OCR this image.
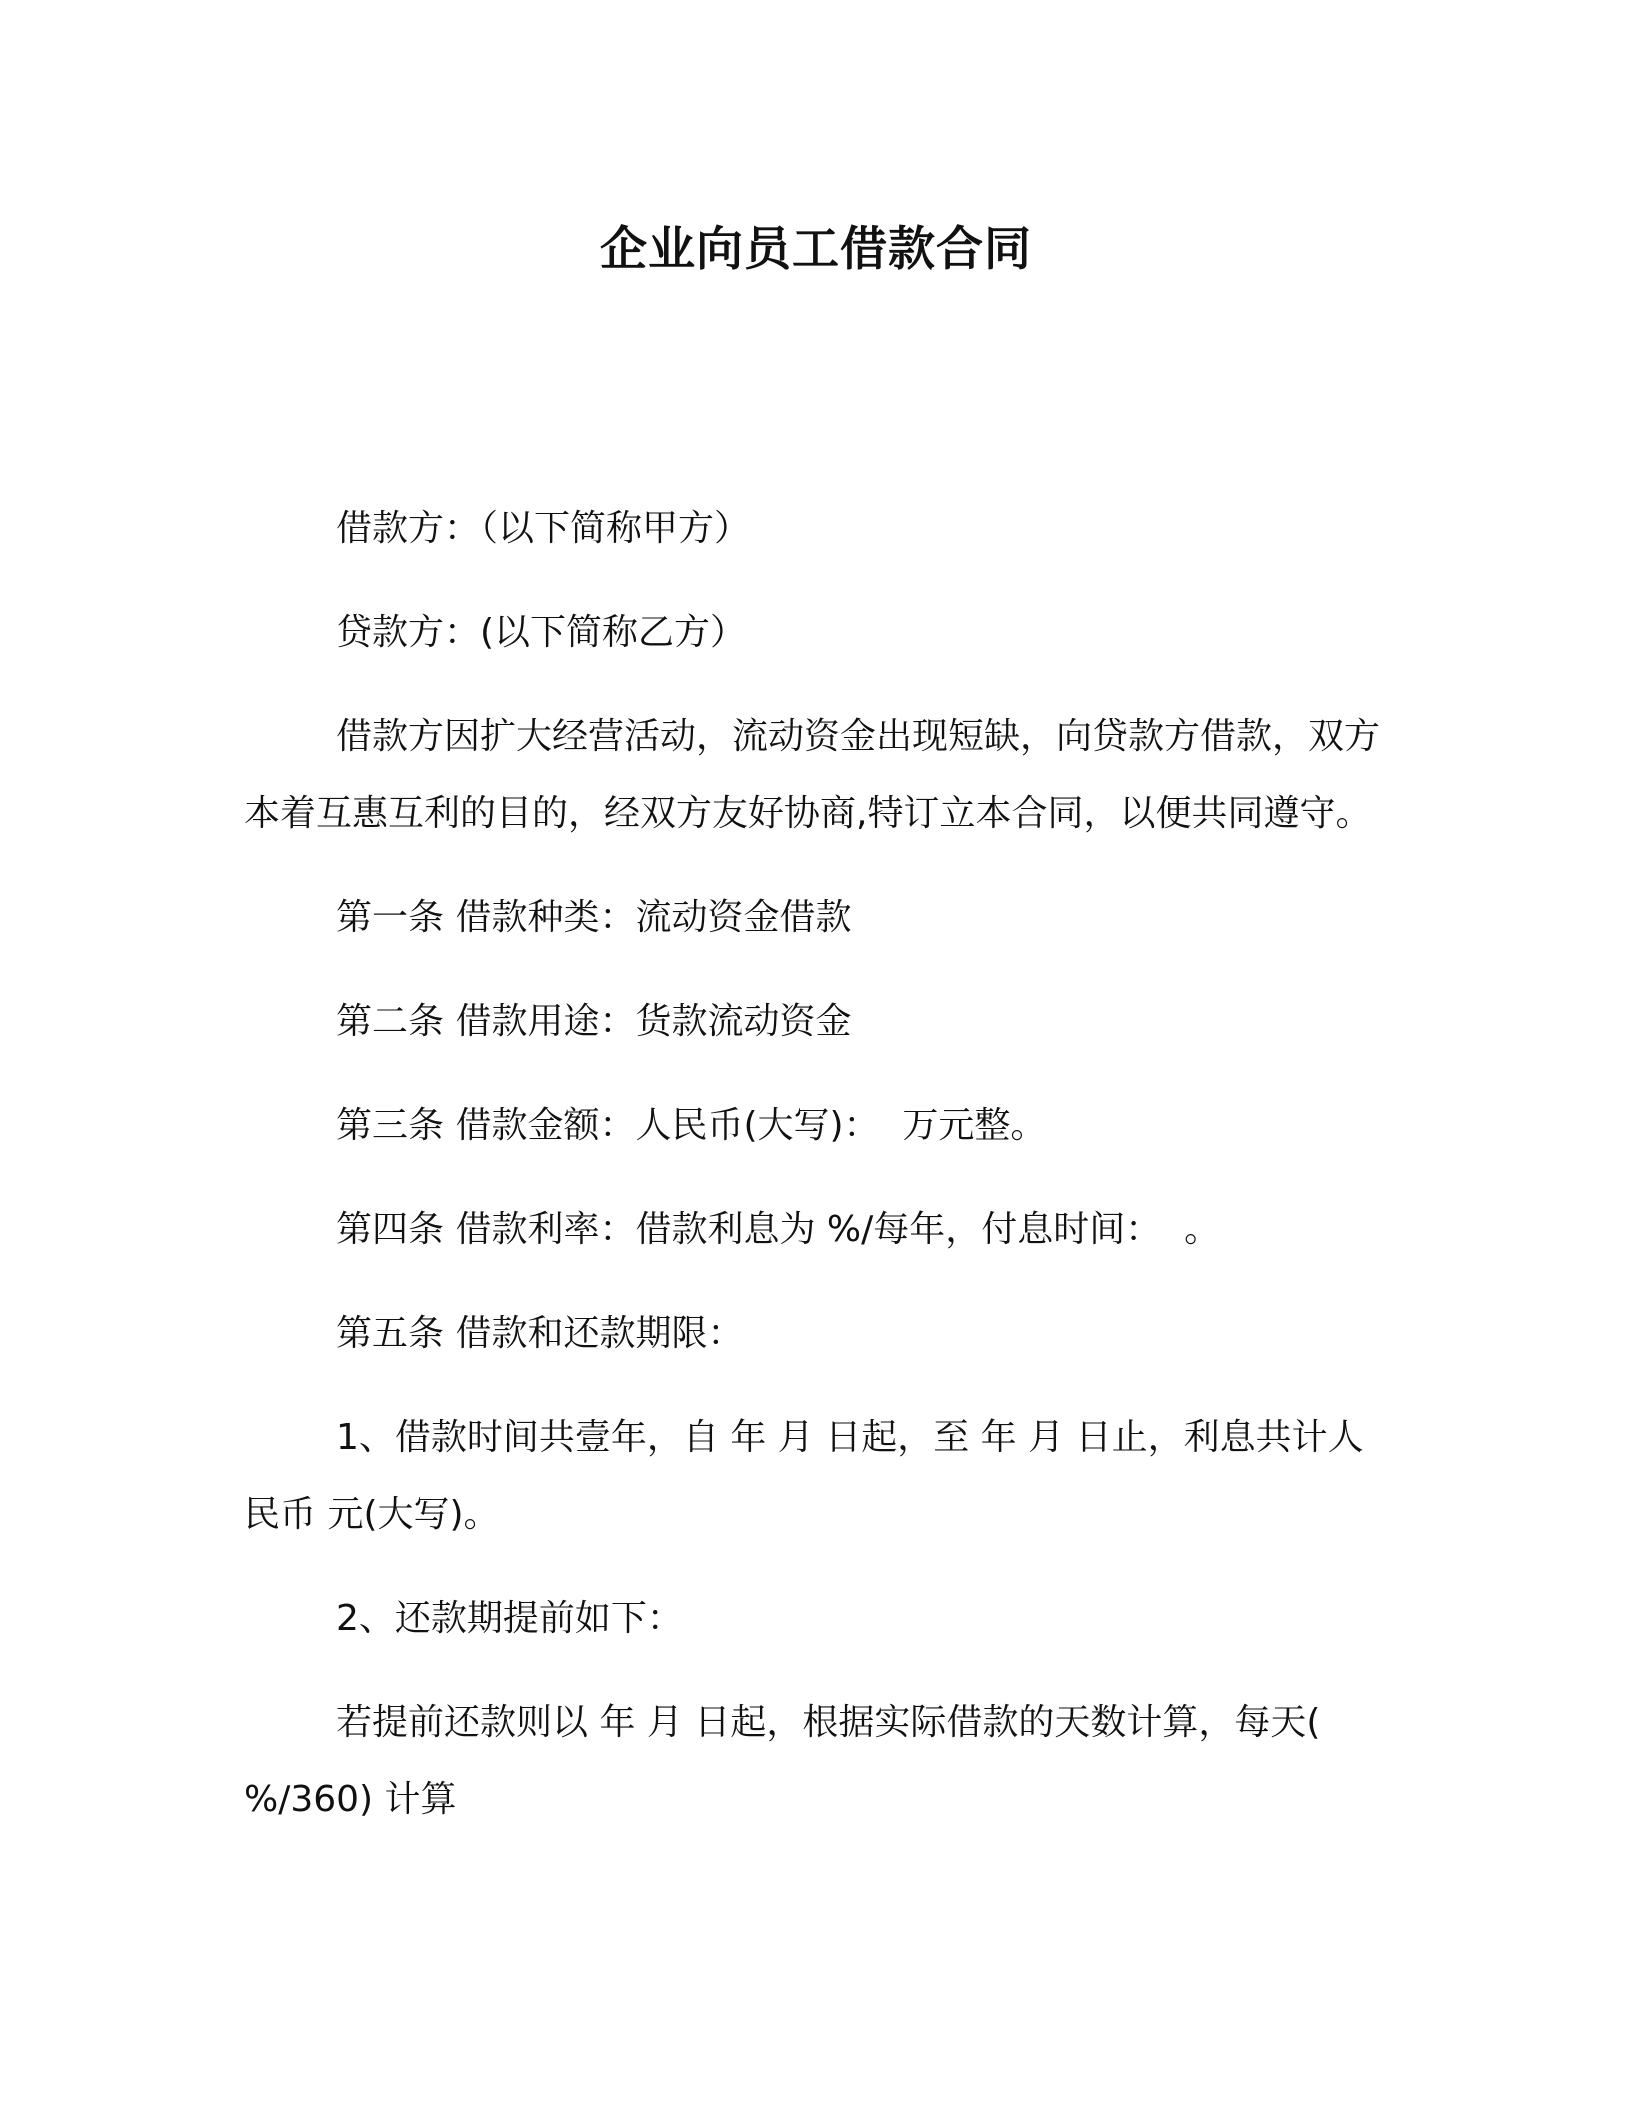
企业向员工借款合同

借款方：（以下简称甲方）

贷款方：(以下简称乙方）

借款方因扩大经营活动，流动资金出现短缺，向贷款方借款，双方本着互惠互利的目的，经双方友好协商,特订立本合同，以便共同遵守。

第一条 借款种类：流动资金借款

第二条 借款用途：货款流动资金

第三条 借款金额：人民币(大写)：  万元整。

第四条 借款利率：借款利息为 %/每年，付息时间：  。

第五条 借款和还款期限：

1、借款时间共壹年，自 年 月 日起，至 年 月 日止，利息共计人民币 元(大写)。

2、还款期提前如下：

若提前还款则以 年 月 日起，根据实际借款的天数计算，每天( %/360) 计算
